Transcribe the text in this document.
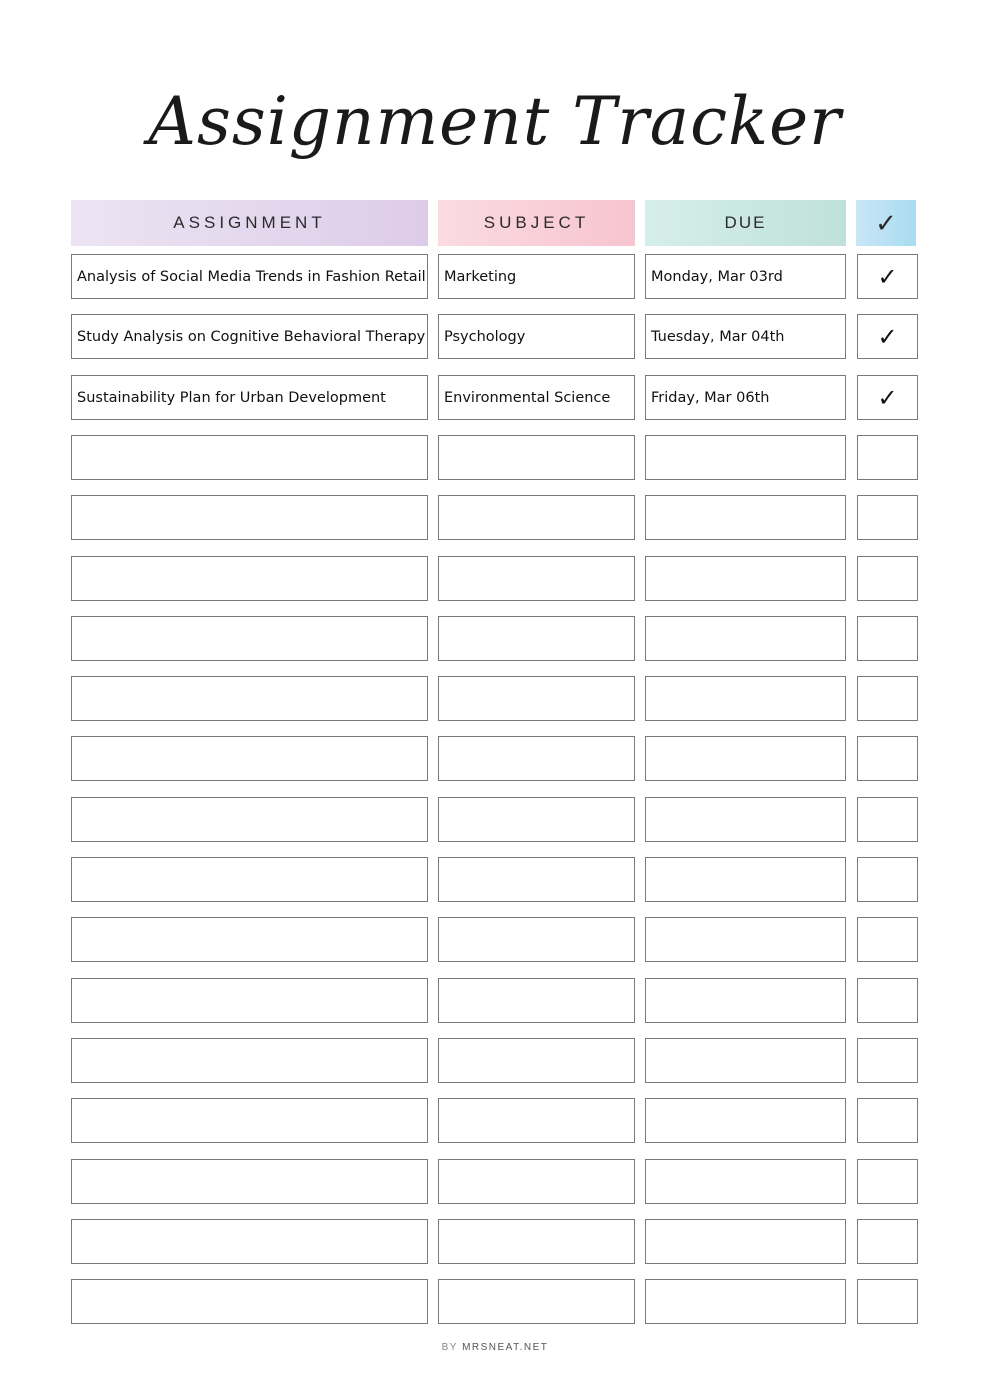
Assignment Tracker
ASSIGNMENT	SUBJECT	DUE	✓
Analysis of Social Media Trends in Fashion Retail	Marketing	Monday, Mar 03rd	✓
Study Analysis on Cognitive Behavioral Therapy	Psychology	Tuesday, Mar 04th	✓
Sustainability Plan for Urban Development	Environmental Science	Friday, Mar 06th	✓
BY MRSNEAT.NET
